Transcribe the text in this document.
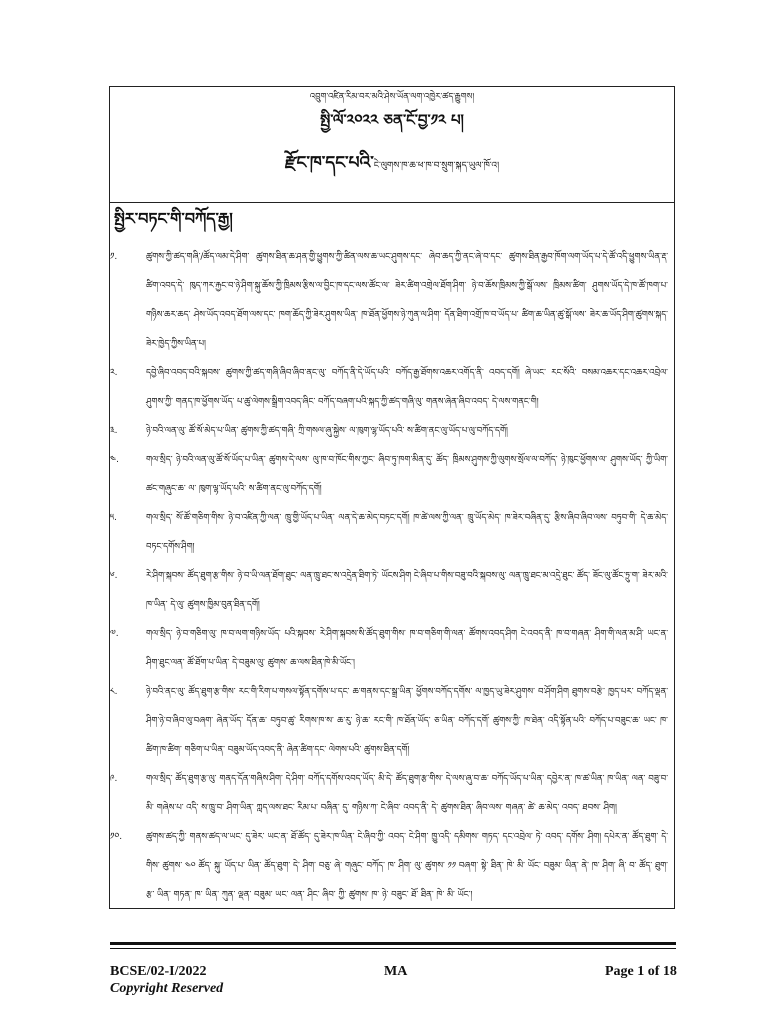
འབྲུག་འཛིན་རིམ་བར་མའི་ཤེས་ཡོན་ལག་འཁྱེར་ཚད་རྒྱུགས།
སྤྱི་ལོ་༢༠༢༢ ཅན་ངོ་བྱ་༡༢ པ།
རྫོང་ཁ་དང་པའི་ངེ་ལུགས་ཁ་ཆ་ཕ་ཁ་བ་སྲུག་སྐད་ཡུལ་ཁོ་འ།
སྤྱིར་བཏང་གི་བཀོད་རྒྱ།
༡.	ཚུགས་ཀྱི་ཚད་གཞི་/ཚོད་ལམ་དེ་ཤིག་ ཚུགས་ཐིན་ཆ་ཤན་གྱི་ཕྱུགས་ཀྱི་ཚིན་ལས་ཆ་ཡང་ཤུགས་དང་ ཞེབ་ཆད་ཀྱི་ནང་ཞེ་བ་དང་ ཚུགས་ཐིན་རྒྱབ་ཁོག་ལག་ཡོད་པ་དེ་ཚོ་འདི་ཕྱུགས་ཡིན་རྡ་ཚིག་འབད་དེ་ ཁུད་ཀར་རྐྱང་བ་ཉེ་ཤིག་སྐུ་ཆོས་ཀྱི་ཁྲིམས་རྩིས་ལ་བྱིང་ཁ་དང་ལས་ཚོང་ལ་ ཟེར་ཚིག་འགྲེལ་ཐོག་ཤིག་ ཉེ་བ་ཆོས་ཁྲིམས་ཀྱི་སྒོ་ལས་ ཁྲིམས་ཚིག་ ཤུགས་ཡོད་དེ་ཁ་ཚོ་ཁག་པ་གཉིས་ཆར་ཆད་ ཤེས་ཡོད་འབད་ཐོག་ལས་དང་ ཁག་ཆོད་ཀྱི་ཟེར་ཤུགས་ཡིན་ ཁ་ཐོན་ཕྱོགས་ཉེ་ཀུན་ལ་ཤིག་ དོན་ཐིག་འགྲོ་ཁ་བ་ཡོད་པ་ ཚིག་ཆ་ཡིན་ཚུ་སྒོ་ལས་ ཟེར་ཆ་ཡོད་ཤིག་ཚུགས་སྐད་ཟེར་ཁྱེད་ཀྱིས་ཡིན་པ།
༢.	དབྱེ་ཞིབ་འབད་བའི་སྐབས་ ཚུགས་ཀྱི་ཚད་གཞི་ཞིབ་ཞིབ་ནང་ལུ་ བཀོད་ནི་དེ་ཡོད་པའི་ བཀོད་རྒྱ་ཐོགས་འཆར་འགོད་ནི་ འབད་དགོ། ཞེ་ཡང་ རང་སོའི་ བསམ་འཆར་དང་འཆར་འབྲེལ་ཤུགས་ཀྱི་ གནད་ཁ་ཕྱོགས་ཡོད་ པ་ཚུ་ལེགས་སྒྲིག་འབད་ཞིང་ བཀོད་བཞག་པའི་སྐད་ཀྱི་ཚད་གཞི་ལུ་ གནས་ཞེན་ཞིབ་འབད་ དེ་ལས་གནང་གི།
༣.	ཉེ་བའི་ལན་ལུ་ ཚོ་སོ་མེད་པ་ཡིན་ ཚུགས་ཀྱི་ཚད་གཞི་ ཀྲི་གསལ་ཞུ་སྐྱེས་ ལ་ཁུག་ལྷ་ཡོད་པའི་ ས་ཚིག་ནང་ལུ་ཡོད་པ་ལུ་བཀོད་དགོ།
༤.	གལ་སྲིད་ ཉེ་བའི་ལན་ལུ་ཚོ་སོ་ཡོད་པ་ཡིན་ ཚུགས་དེ་ལས་ ལུ་ཁ་བ་ཁོང་གིས་ཀྱང་ ཞིབ་ཏུ་ཁག་མིན་དུ་ ཚོད་ ཁྲིམས་ཤུགས་ཀྱི་ལུགས་སྲོལ་ལ་བཀོད་ ཉེ་ཁུང་ཕྱོགས་ལ་ ཤུགས་ཡོད་ ཀྱི་ཡིག་ཚང་གཞུང་ཆ་ ལ་ ཁུག་ལྷ་ཡོད་པའི་ ས་ཚིག་ནང་ལུ་བཀོད་དགོ།
༥.	གལ་སྲིད་ སོ་ཚོ་གཅིག་གིས་ ཉེ་བ་འཛིན་ཀྱི་ལན་ ཁྲུ་གྱི་ཡོད་པ་ཡིན་ ལན་དེ་ཆ་མེད་བཏང་དགོ། ཁ་ཚེ་ལས་ཀྱི་ལན་ ཁྲུ་ཡོད་མེད་ ཁ་ཟེར་བཞིན་དུ་ རྩིས་ཞིབ་ཞིབ་ལས་ བཏུབ་གི་ དེ་ཆ་མེད་བཏང་དགོས་ཤིག།
༦.	རེ་ཤིག་སྐབས་ ཚོད་ཐུག་རྩ་གིས་ ཉེ་བ་ཡི་ལན་ཐོག་ཐུང་ ལན་ཁྲུ་ཐང་ས་འདྲེན་ཐིག་ཏེ་ ཡོངས་ཤིག ངེ་ཞིབ་པ་གིས་བཟུ་བའི་སྐབས་ལུ་ ལན་ཁྲུ་ཐང་མ་འདྲེ་ཐུང་ ཚོད་ ཟོང་ལུ་ཚོང་ཏྲུ་ག་ ཟེར་མའི་ཁ་ཡིན་ དེ་ལུ་ ཚུགས་ཁྱིམ་བུན་ཐིན་དགོ།
༧.	གལ་སྲིད་ ཉེ་བ་གཅིག་ལུ་ ཁ་བ་ལག་གཉིས་ཡོད་ པའི་སྐབས་ རེ་ཤིག་སྐབས་སི་ཚོད་ཐུག་གིས་ ཁ་བ་གཅིག་གི་ལན་ ཚོགས་འབད་ཤིག ངེ་འབད་ནི་ ཁ་བ་གཞན་ ཤིག་གི་ལན་མ་ཤི་ ཡང་ན་ཤིག་ཐུང་ལན་ ཚོ་ཐོག་པ་ཡིན་ དེ་བཟུམ་ལུ་ ཚུགས་ ཆ་ལས་ཐིན་ཁེ་མི་ཡོང་།
༨.	ཉེ་བའི་ནང་ལུ་ ཚོད་ཐུག་རྩ་གིས་ རང་གི་རིག་པ་གསལ་སྟོན་དགོས་པ་དང་ ཆ་གནས་དང་སྒྲ་ཡིན་ ཕྱོགས་བཀོད་དགོས་ ལ་ཁྱད་ཡུ་ཟེར་ཤུགས་ བ་ཤོག་ཤིག ཐུགས་བརྩེ་ ཁྱད་པར་ བཀོད་ལྡན་ ཤིག་ཉེ་བ་ཞིབ་ལུ་བཞག་ ཞེན་ཡོད་ དོན་ཆ་ བཏུབ་ཚུ་ རིགས་ཁ་ས་ ཆ་རུ་ ཉེ་ཆ་ རང་གི་ ཁ་ཐོན་ཡོད་ ཅ་ཡིན་ བཀོད་དགོ་ ཚུགས་ཀྱི་ ཁ་ཐེན་ འདི་སྟོན་པའི་ བཀོད་པ་བཟུང་ཆ་ ཡང་ ཁ་ཚིག་ཁ་ཚིག་ གཅིག་པ་ཡིན་ བཟུམ་ཡོད་འབད་ནི་ ཞེན་ཚིག་དང་ ལེགས་པའི་ ཚུགས་ཐིན་དགོ།
༩.	གལ་སྲིད་ ཚོད་ཐུག་རྩ་ལུ་ གནད་དོན་གཞིས་ཤིག་ དེ་ཤིག་ བཀོད་དགོས་འབད་ཡོད་ མི་དེ་ ཚོད་ཐུག་རྩ་གིས་ དེ་ལས་ཞུ་བ་ཆ་ བཀོད་ཡོད་པ་ཡིན་ དབྱེར་ན་ ཁ་ཚ་ཡིན་ ཁ་ཡིན་ ལན་ བཟུ་བ་ མི་ གཞེས་པ་ འདི་ ས་ཁྲུ་བ་ ཤིག་ཡིན་ ཀླད་ལས་ཐང་ རིམ་པ་ བཞིན་ དུ་ གཉིས་ཀ་ ངེ་ཞིབ་ འབད་ནི་ དེ་ ཚུགས་ཐིན་ ཞིབ་ལས་ གཞན་ ཚེ་ ཆ་མེད་ འབད་ ཐབས་ ཤིག།
༡༠.	ཚུགས་ཚད་ཀྱི་ གནས་ཚད་ལ་ཡང་ དུ་ཟེར་ ཡང་ན་ ཐོ་ཚོད་ དུ་ཟེར་ཁ་ཡིན་ ངེ་ཞིབ་ཀྱི་ འབད་ ངེ་ཤིག་ ཁྱུ་འདི་ དམིགས་ གཏད་ དང་འབྲེལ་ ཏེ་ འབད་ དགོས་ ཤིག། དཔེར་ན་ ཚོད་ཐུག་ དེ་གིས་ ཚུགས་ ༤༠ ཚོད་ སྐུ་ ཡོད་པ་ ཡིན་ ཚོད་ཐུག་ དེ་ ཤིག་ བཅུ་ ཞེ་ གཞུང་ བཀོད་ ཁ་ ཤིག་ ལུ་ ཚུགས་ ༡༡ བཞག་ སྟེ་ ཐིན་ ཁེ་ མི་ ཡོང་ བཟུམ་ ཡིན་ ནེ་ ཁ་ ཤིག་ ཞི་ བ་ ཚོད་ ཐུག་ རྩ་ ཡིན་ གཏན་ ཁ་ ཡིན་ ཀུན་ ལྡན་ བཟུམ་ ཡང་ ལན་ ཤིང་ ཞིབ་ ཀྱི་ ཚུགས་ ཁ་ ཉེ་ བཟུང་ ཐོ་ ཐིན་ ཁེ་ མི་ ཡོང་།
BCSE/02-I/2022
Copyright Reserved
MA	Page 1 of 18
